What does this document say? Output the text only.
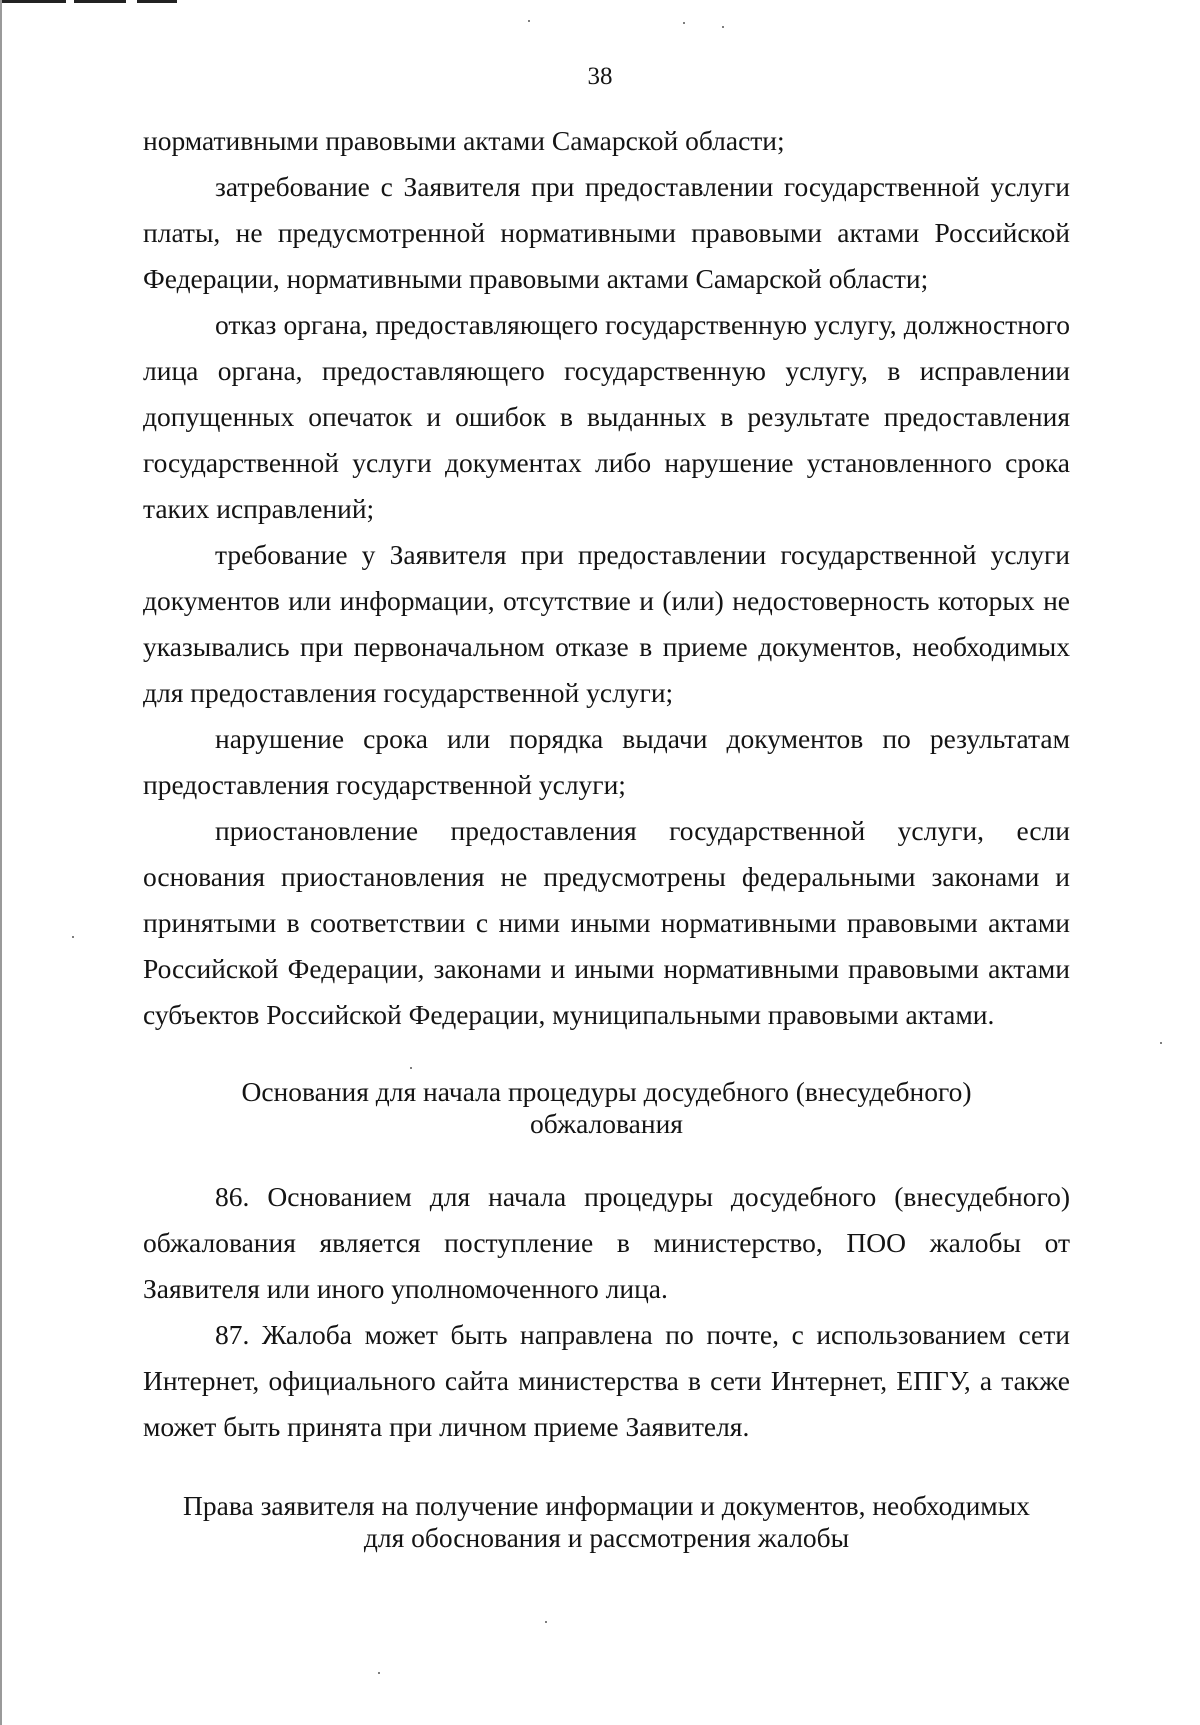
38

нормативными правовыми актами Самарской области;

затребование с Заявителя при предоставлении государственной услуги платы, не предусмотренной нормативными правовыми актами Российской Федерации, нормативными правовыми актами Самарской области;

отказ органа, предоставляющего государственную услугу, должностного лица органа, предоставляющего государственную услугу, в исправлении допущенных опечаток и ошибок в выданных в результате предоставления государственной услуги документах либо нарушение установленного срока таких исправлений;

требование у Заявителя при предоставлении государственной услуги документов или информации, отсутствие и (или) недостоверность которых не указывались при первоначальном отказе в приеме документов, необходимых для предоставления государственной услуги;

нарушение срока или порядка выдачи документов по результатам предоставления государственной услуги;

приостановление предоставления государственной услуги, если основания приостановления не предусмотрены федеральными законами и принятыми в соответствии с ними иными нормативными правовыми актами Российской Федерации, законами и иными нормативными правовыми актами субъектов Российской Федерации, муниципальными правовыми актами.

Основания для начала процедуры досудебного (внесудебного)
обжалования

86. Основанием для начала процедуры досудебного (внесудебного) обжалования является поступление в министерство, ПОО жалобы от Заявителя или иного уполномоченного лица.

87. Жалоба может быть направлена по почте, с использованием сети Интернет, официального сайта министерства в сети Интернет, ЕПГУ, а также может быть принята при личном приеме Заявителя.

Права заявителя на получение информации и документов, необходимых
для обоснования и рассмотрения жалобы
